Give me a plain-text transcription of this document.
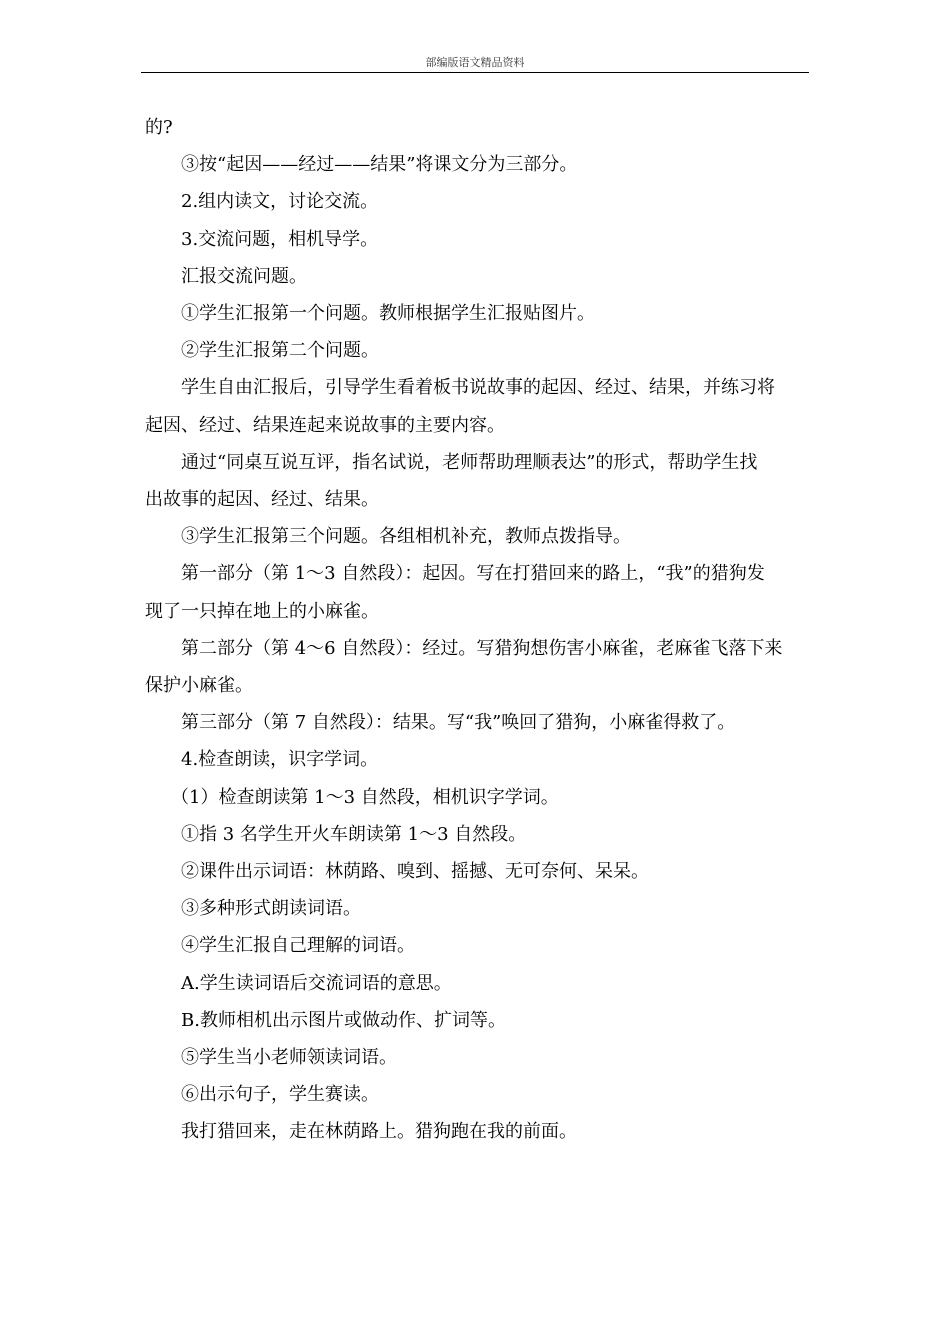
部编版语文精品资料

的?

③按“起因——经过——结果”将课文分为三部分。

2.组内读文，讨论交流。

3.交流问题，相机导学。

汇报交流问题。

①学生汇报第一个问题。教师根据学生汇报贴图片。

②学生汇报第二个问题。

学生自由汇报后，引导学生看着板书说故事的起因、经过、结果，并练习将

起因、经过、结果连起来说故事的主要内容。

通过“同桌互说互评，指名试说，老师帮助理顺表达”的形式，帮助学生找

出故事的起因、经过、结果。

③学生汇报第三个问题。各组相机补充，教师点拨指导。

第一部分（第 1～3 自然段）：起因。写在打猎回来的路上，“我”的猎狗发

现了一只掉在地上的小麻雀。

第二部分（第 4～6 自然段）：经过。写猎狗想伤害小麻雀，老麻雀飞落下来

保护小麻雀。

第三部分（第 7 自然段）：结果。写“我”唤回了猎狗，小麻雀得救了。

4.检查朗读，识字学词。

（1）检查朗读第 1～3 自然段，相机识字学词。

①指 3 名学生开火车朗读第 1～3 自然段。

②课件出示词语：林荫路、嗅到、摇撼、无可奈何、呆呆。

③多种形式朗读词语。

④学生汇报自己理解的词语。

A.学生读词语后交流词语的意思。

B.教师相机出示图片或做动作、扩词等。

⑤学生当小老师领读词语。

⑥出示句子，学生赛读。

我打猎回来，走在林荫路上。猎狗跑在我的前面。
